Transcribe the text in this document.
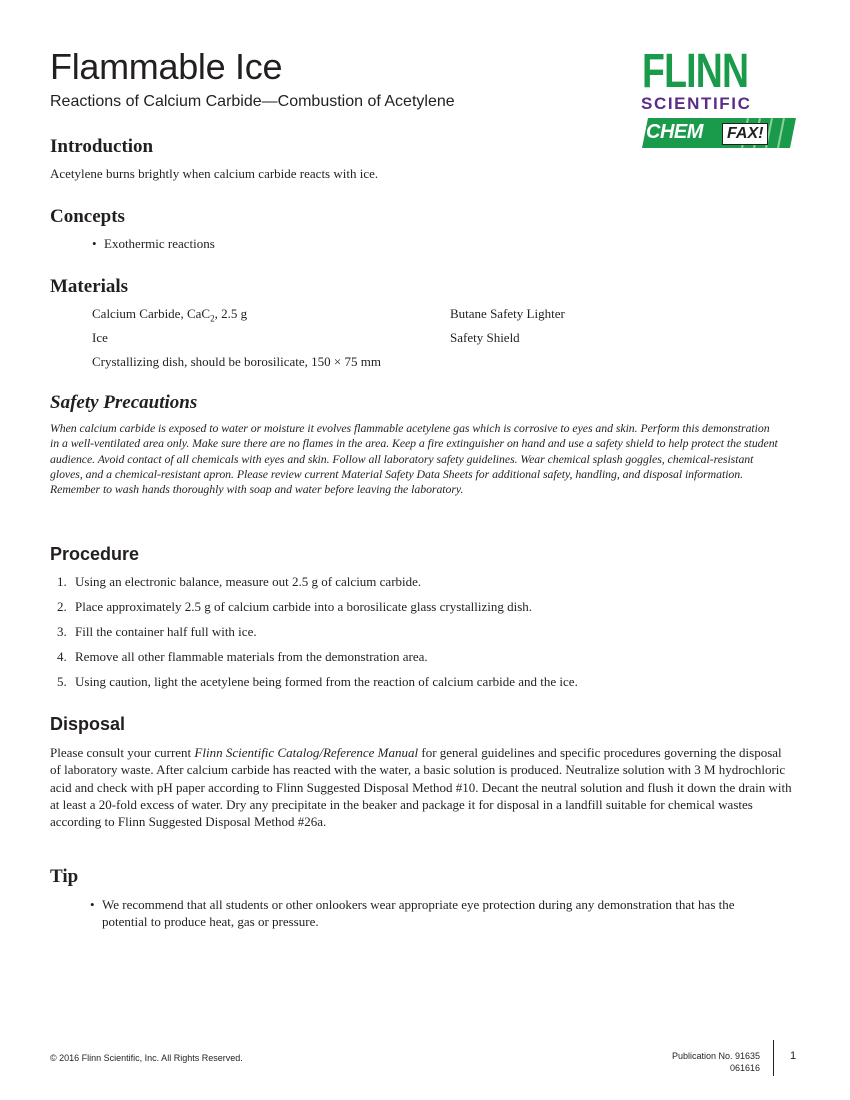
Flammable Ice
Reactions of Calcium Carbide—Combustion of Acetylene
FLINN
SCIENTIFIC
CHEM	FAX!
Introduction
Acetylene burns brightly when calcium carbide reacts with ice.
Concepts
• Exothermic reactions
Materials
Calcium Carbide, CaC$_2$, 2.5 g
Ice
Crystallizing dish, should be borosilicate, 150 × 75 mm
Butane Safety Lighter
Safety Shield
Safety Precautions
When calcium carbide is exposed to water or moisture it evolves flammable acetylene gas which is corrosive to eyes and skin. Perform this demonstration in a well-ventilated area only. Make sure there are no flames in the area. Keep a fire extinguisher on hand and use a safety shield to help protect the student audience. Avoid contact of all chemicals with eyes and skin. Follow all laboratory safety guidelines. Wear chemical splash goggles, chemical-resistant gloves, and a chemical-resistant apron. Please review current Material Safety Data Sheets for additional safety, handling, and disposal information. Remember to wash hands thoroughly with soap and water before leaving the laboratory.
Procedure
1. Using an electronic balance, measure out 2.5 g of calcium carbide.
2. Place approximately 2.5 g of calcium carbide into a borosilicate glass crystallizing dish.
3. Fill the container half full with ice.
4. Remove all other flammable materials from the demonstration area.
5. Using caution, light the acetylene being formed from the reaction of calcium carbide and the ice.
Disposal
Please consult your current Flinn Scientific Catalog/Reference Manual for general guidelines and specific procedures governing the disposal of laboratory waste. After calcium carbide has reacted with the water, a basic solution is produced. Neutralize solution with 3 M hydrochloric acid and check with pH paper according to Flinn Suggested Disposal Method #10. Decant the neutral solution and flush it down the drain with at least a 20-fold excess of water. Dry any precipitate in the beaker and package it for disposal in a landfill suitable for chemical wastes according to Flinn Suggested Disposal Method #26a.
Tip
• We recommend that all students or other onlookers wear appropriate eye protection during any demonstration that has the potential to produce heat, gas or pressure.
© 2016 Flinn Scientific, Inc. All Rights Reserved.	Publication No. 91635
061616
1
